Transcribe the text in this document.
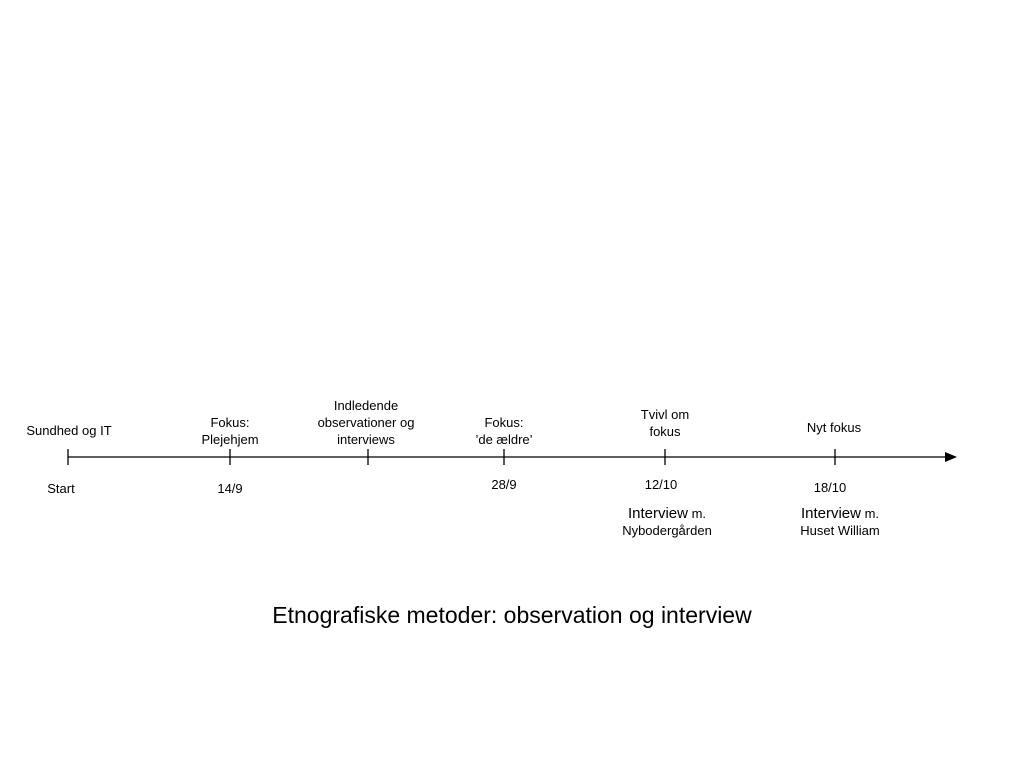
Sundhed og IT
Start
Fokus:
Plejehjem
14/9
Indledende
observationer og
interviews
Fokus:
’de ældre’
28/9
Tvivl om
fokus
12/10
Interview m.
Nybodergården
Nyt fokus
18/10
Interview m.
Huset William
Etnografiske metoder: observation og interview
